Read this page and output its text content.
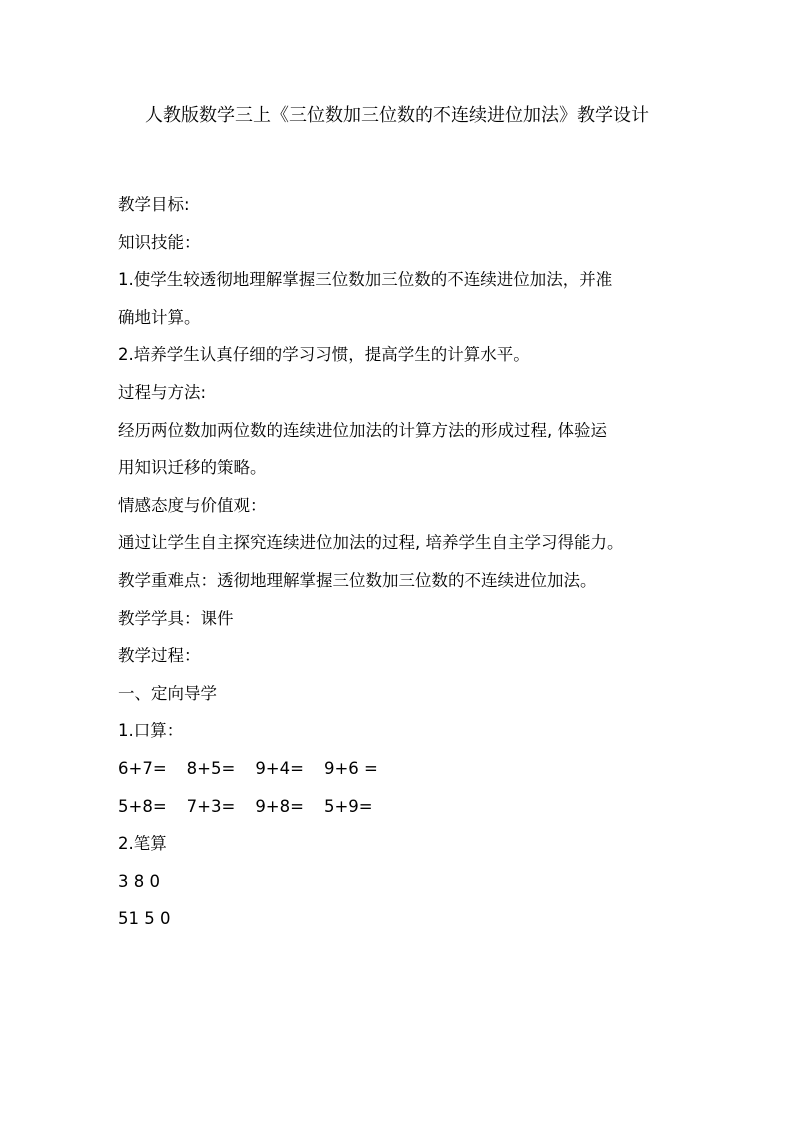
人教版数学三上《三位数加三位数的不连续进位加法》教学设计
教学目标:
知识技能：
1.使学生较透彻地理解掌握三位数加三位数的不连续进位加法，并准
确地计算。
2.培养学生认真仔细的学习习惯，提高学生的计算水平。
过程与方法:
经历两位数加两位数的连续进位加法的计算方法的形成过程, 体验运
用知识迁移的策略。
情感态度与价值观：
通过让学生自主探究连续进位加法的过程, 培养学生自主学习得能力。
教学重难点：透彻地理解掌握三位数加三位数的不连续进位加法。
教学学具：课件
教学过程：
一、定向导学
1.口算：
6+7= 8+5= 9+4= 9+6 =
5+8= 7+3= 9+8= 5+9=
2.笔算
3 8 0
51 5 0
